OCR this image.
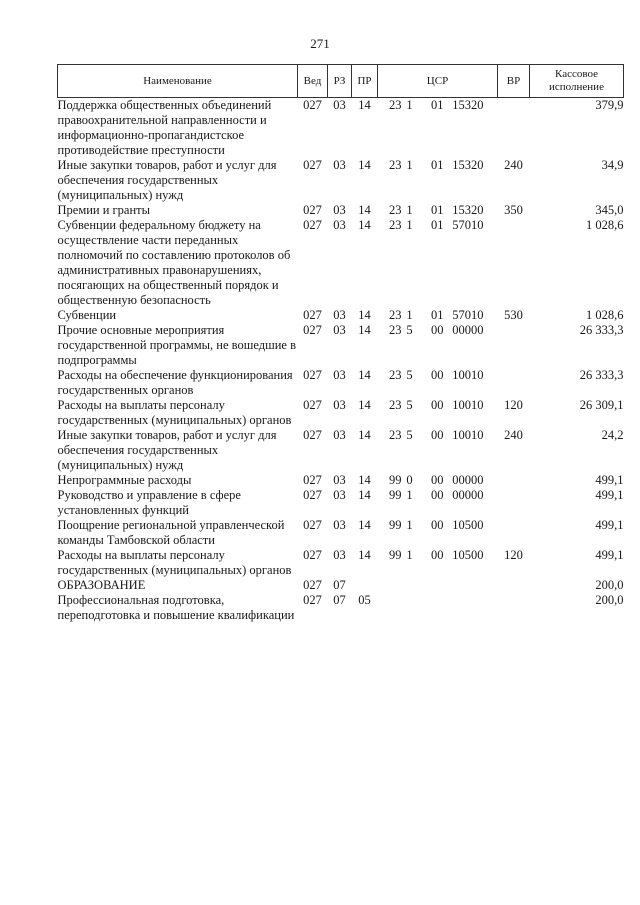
271
Наименование	Вед	РЗ	ПР	ЦСР	ВР	Кассовое исполнение
Поддержка общественных объединений правоохранительной направленности и информационно-пропагандистское противодействие преступности	027	03	14	23 1 01 15320		379,9
Иные закупки товаров, работ и услуг для обеспечения государственных (муниципальных) нужд	027	03	14	23 1 01 15320	240	34,9
Премии и гранты	027	03	14	23 1 01 15320	350	345,0
Субвенции федеральному бюджету на осуществление части переданных полномочий по составлению протоколов об административных правонарушениях, посягающих на общественный порядок и общественную безопасность	027	03	14	23 1 01 57010		1 028,6
Субвенции	027	03	14	23 1 01 57010	530	1 028,6
Прочие основные мероприятия государственной программы, не вошедшие в подпрограммы	027	03	14	23 5 00 00000		26 333,3
Расходы на обеспечение функционирования государственных органов	027	03	14	23 5 00 10010		26 333,3
Расходы на выплаты персоналу государственных (муниципальных) органов	027	03	14	23 5 00 10010	120	26 309,1
Иные закупки товаров, работ и услуг для обеспечения государственных (муниципальных) нужд	027	03	14	23 5 00 10010	240	24,2
Непрограммные расходы	027	03	14	99 0 00 00000		499,1
Руководство и управление в сфере установленных функций	027	03	14	99 1 00 00000		499,1
Поощрение региональной управленческой команды Тамбовской области	027	03	14	99 1 00 10500		499,1
Расходы на выплаты персоналу государственных (муниципальных) органов	027	03	14	99 1 00 10500	120	499,1
ОБРАЗОВАНИЕ	027	07				200,0
Профессиональная подготовка, переподготовка и повышение квалификации	027	07	05			200,0
